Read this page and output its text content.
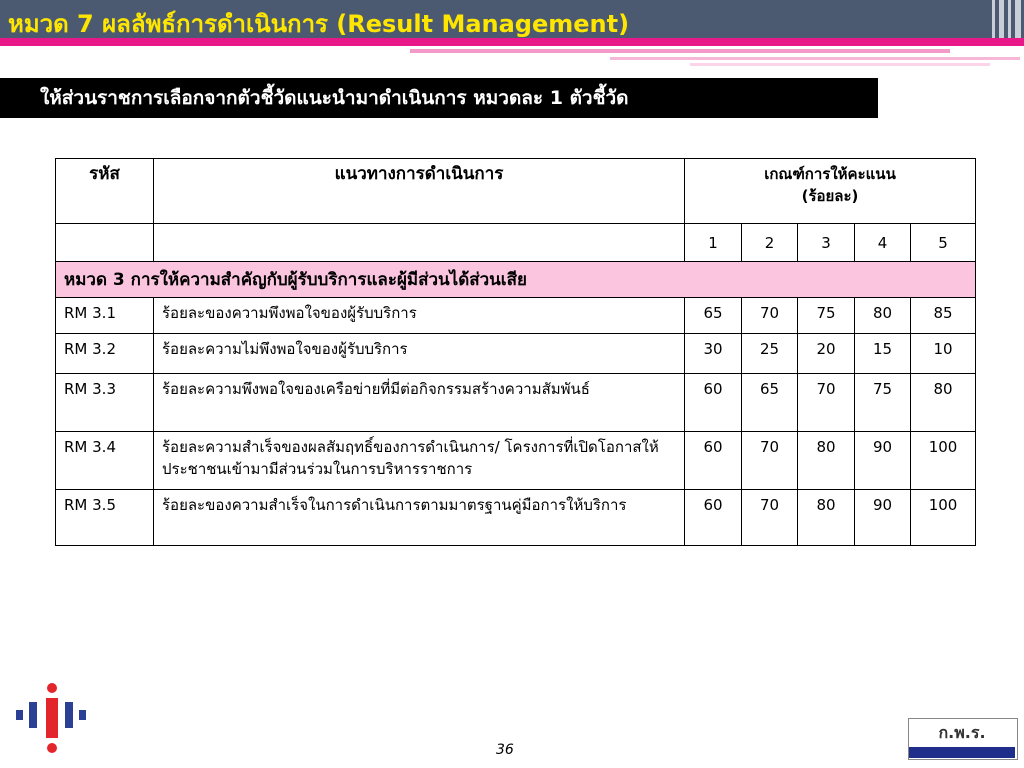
หมวด 7 ผลลัพธ์การดำเนินการ (Result Management)
ให้ส่วนราชการเลือกจากตัวชี้วัดแนะนำมาดำเนินการ หมวดละ 1 ตัวชี้วัด
รหัส	แนวทางการดำเนินการ	เกณฑ์การให้คะแนน
(ร้อยละ)				

		1	2	3	4	5
หมวด 3 การให้ความสำคัญกับผู้รับบริการและผู้มีส่วนได้ส่วนเสีย						
RM 3.1	ร้อยละของความพึงพอใจของผู้รับบริการ	65	70	75	80	85
RM 3.2	ร้อยละความไม่พึงพอใจของผู้รับบริการ	30	25	20	15	10
RM 3.3	ร้อยละความพึงพอใจของเครือข่ายที่มีต่อกิจกรรมสร้างความสัมพันธ์	60	65	70	75	80
RM 3.4	ร้อยละความสำเร็จของผลสัมฤทธิ์ของการดำเนินการ/ โครงการที่เปิดโอกาสให้ประชาชนเข้ามามีส่วนร่วมในการบริหารราชการ	60	70	80	90	100
RM 3.5	ร้อยละของความสำเร็จในการดำเนินการตามมาตรฐานคู่มือการให้บริการ	60	70	80	90	100
36
ก.พ.ร.
